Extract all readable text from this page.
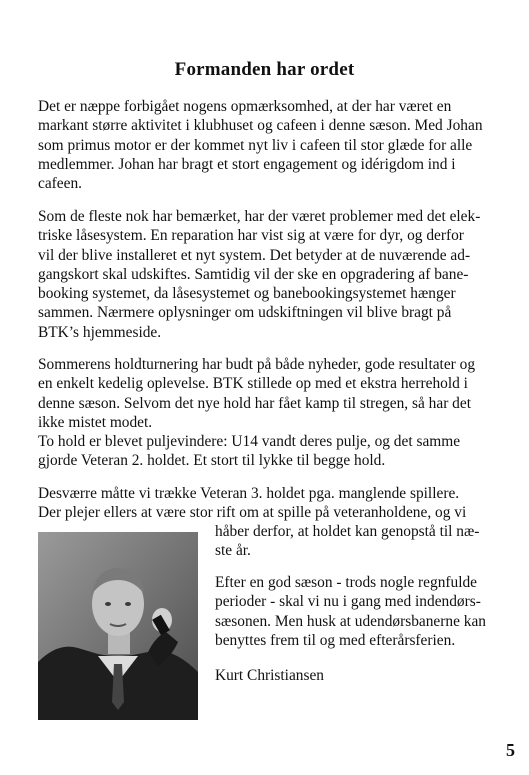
Formanden har ordet
Det er næppe forbigået nogens opmærksomhed, at der har været en
markant større aktivitet i klubhuset og cafeen i denne sæson. Med Johan
som primus motor er der kommet nyt liv i cafeen til stor glæde for alle
medlemmer. Johan har bragt et stort engagement og idérigdom ind i
cafeen.
Som de fleste nok har bemærket, har der været problemer med det elek-
triske låsesystem. En reparation har vist sig at være for dyr, og derfor
vil der blive installeret et nyt system. Det betyder at de nuværende ad-
gangskort skal udskiftes. Samtidig vil der ske en opgradering af bane-
booking systemet, da låsesystemet og banebookingsystemet hænger
sammen. Nærmere oplysninger om udskiftningen vil blive bragt på
BTK’s hjemmeside.
Sommerens holdturnering har budt på både nyheder, gode resultater og
en enkelt kedelig oplevelse. BTK stillede op med et ekstra herrehold i
denne sæson. Selvom det nye hold har fået kamp til stregen, så har det
ikke mistet modet.
To hold er blevet puljevindere: U14 vandt deres pulje, og det samme
gjorde Veteran 2. holdet. Et stort til lykke til begge hold.
Desværre måtte vi trække Veteran 3. holdet pga. manglende spillere.
Der plejer ellers at være stor rift om at spille på veteranholdene, og vi
håber derfor, at holdet kan genopstå til næ-
ste år.
Efter en god sæson - trods nogle regnfulde
perioder - skal vi nu i gang med indendørs-
sæsonen. Men husk at udendørsbanerne kan
benyttes frem til og med efterårsferien.
Kurt Christiansen
5
